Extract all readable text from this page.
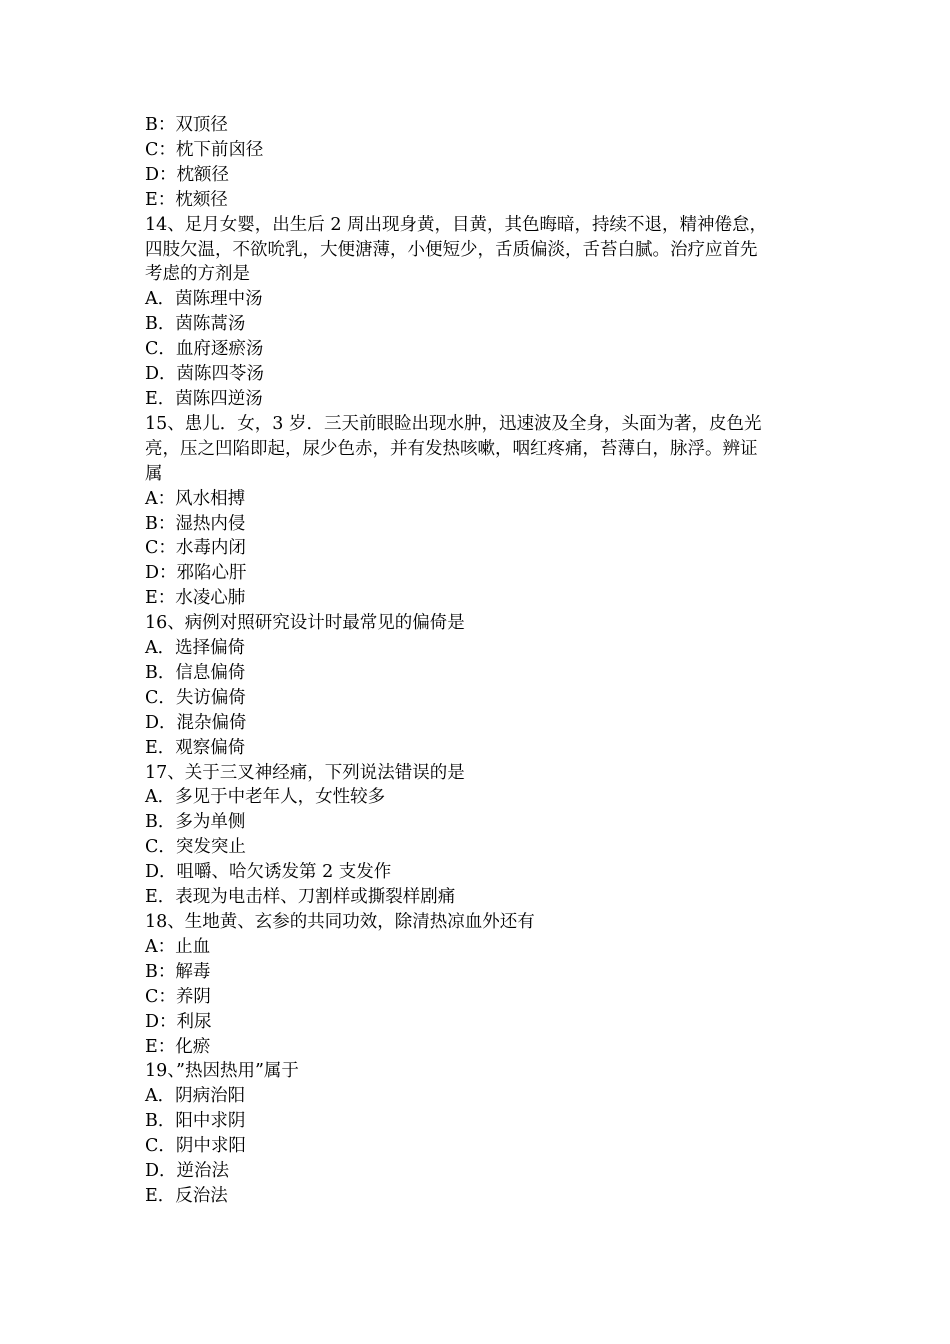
B：双顶径

C：枕下前囟径

D：枕额径

E：枕颏径

14、足月女婴，出生后 2 周出现身黄，目黄，其色晦暗，持续不退，精神倦怠，

四肢欠温，不欲吮乳，大便溏薄，小便短少，舌质偏淡，舌苔白腻。治疗应首先

考虑的方剂是

A．茵陈理中汤

B．茵陈蒿汤

C．血府逐瘀汤

D．茵陈四苓汤

E．茵陈四逆汤

15、患儿．女，3 岁．三天前眼睑出现水肿，迅速波及全身，头面为著，皮色光

亮，压之凹陷即起，尿少色赤，并有发热咳嗽，咽红疼痛，苔薄白，脉浮。辨证

属

A：风水相搏

B：湿热内侵

C：水毒内闭

D：邪陷心肝

E：水凌心肺

16、病例对照研究设计时最常见的偏倚是

A．选择偏倚

B．信息偏倚

C．失访偏倚

D．混杂偏倚

E．观察偏倚

17、关于三叉神经痛，下列说法错误的是

A．多见于中老年人，女性较多

B．多为单侧

C．突发突止

D．咀嚼、哈欠诱发第 2 支发作

E．表现为电击样、刀割样或撕裂样剧痛

18、生地黄、玄参的共同功效，除清热凉血外还有

A：止血

B：解毒

C：养阴

D：利尿

E：化瘀

19、”热因热用”属于

A．阴病治阳

B．阳中求阴

C．阴中求阳

D．逆治法

E．反治法
